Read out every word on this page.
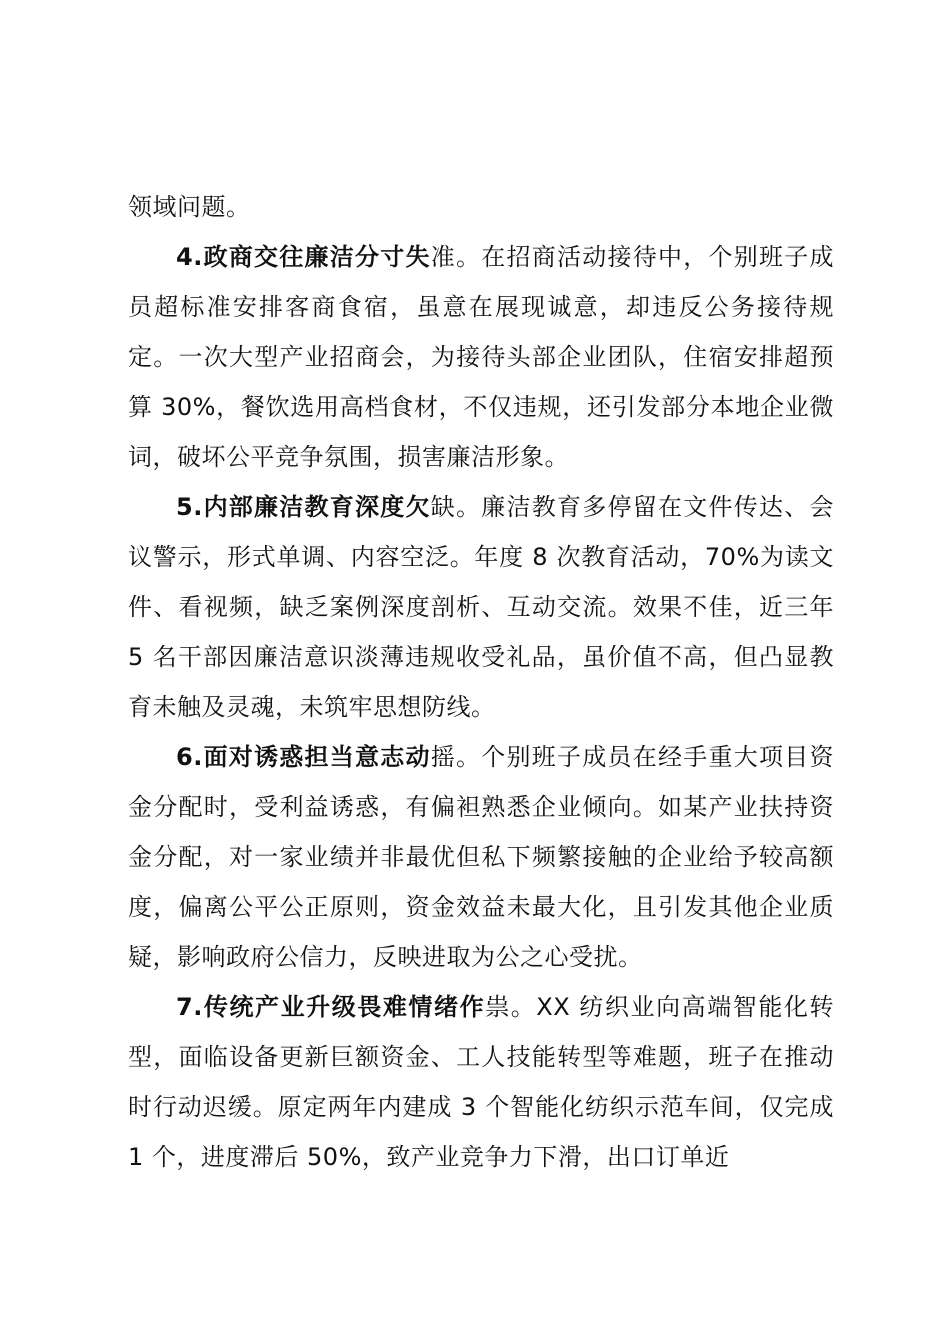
领域问题。

4.政商交往廉洁分寸失准。在招商活动接待中，个别班子成员超标准安排客商食宿，虽意在展现诚意，却违反公务接待规定。一次大型产业招商会，为接待头部企业团队，住宿安排超预算 30%，餐饮选用高档食材，不仅违规，还引发部分本地企业微词，破坏公平竞争氛围，损害廉洁形象。

5.内部廉洁教育深度欠缺。廉洁教育多停留在文件传达、会议警示，形式单调、内容空泛。年度 8 次教育活动，70%为读文件、看视频，缺乏案例深度剖析、互动交流。效果不佳，近三年 5 名干部因廉洁意识淡薄违规收受礼品，虽价值不高，但凸显教育未触及灵魂，未筑牢思想防线。

6.面对诱惑担当意志动摇。个别班子成员在经手重大项目资金分配时，受利益诱惑，有偏袒熟悉企业倾向。如某产业扶持资金分配，对一家业绩并非最优但私下频繁接触的企业给予较高额度，偏离公平公正原则，资金效益未最大化，且引发其他企业质疑，影响政府公信力，反映进取为公之心受扰。

7.传统产业升级畏难情绪作祟。XX 纺织业向高端智能化转型，面临设备更新巨额资金、工人技能转型等难题，班子在推动时行动迟缓。原定两年内建成 3 个智能化纺织示范车间，仅完成 1 个，进度滞后 50%，致产业竞争力下滑，出口订单近
